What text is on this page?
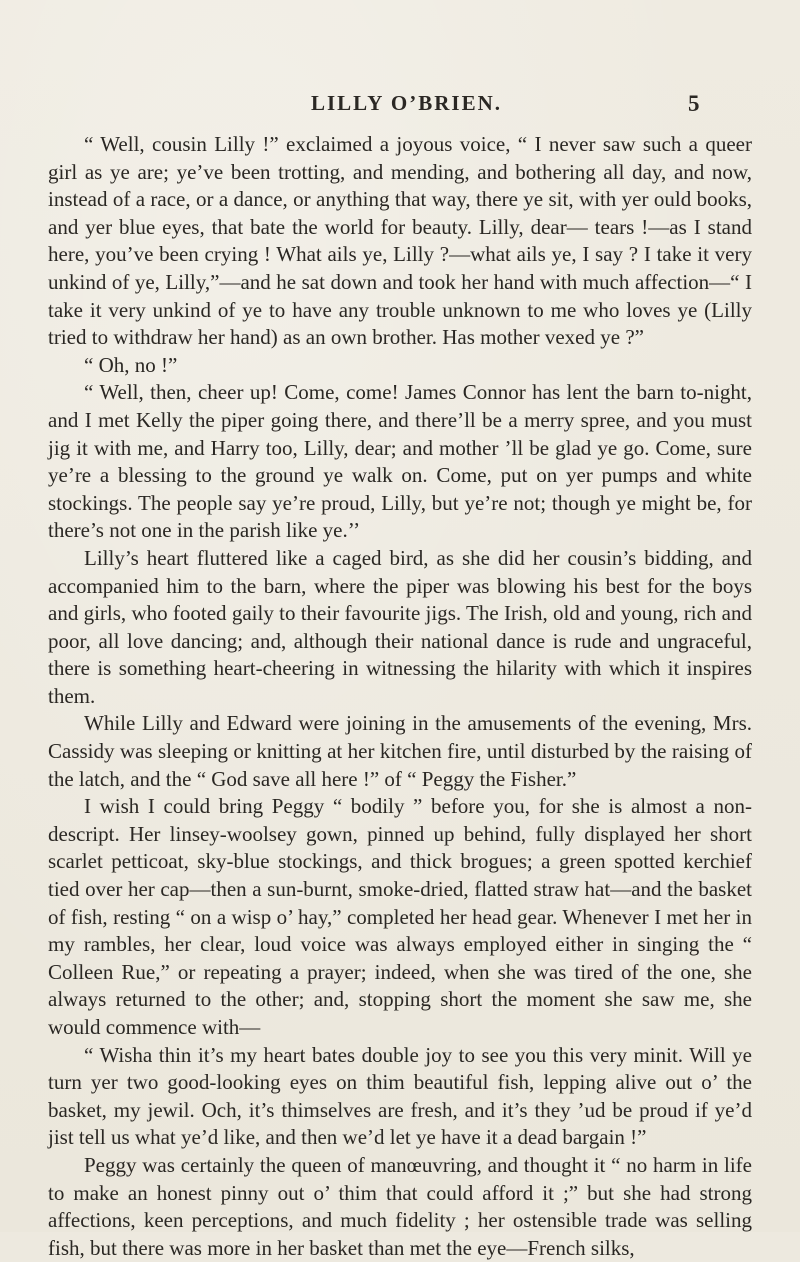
LILLY O’BRIEN.	5

“ Well, cousin Lilly !” exclaimed a joyous voice, “ I never saw such a queer girl as ye are; ye’ve been trotting, and mending, and bothering all day, and now, instead of a race, or a dance, or anything that way, there ye sit, with yer ould books, and yer blue eyes, that bate the world for beauty. Lilly, dear— tears !—as I stand here, you’ve been crying ! What ails ye, Lilly ?—what ails ye, I say ? I take it very unkind of ye, Lilly,”—and he sat down and took her hand with much affection—“ I take it very unkind of ye to have any trouble unknown to me who loves ye (Lilly tried to withdraw her hand) as an own brother. Has mother vexed ye ?”

“ Oh, no !”

“ Well, then, cheer up! Come, come! James Connor has lent the barn to-night, and I met Kelly the piper going there, and there’ll be a merry spree, and you must jig it with me, and Harry too, Lilly, dear; and mother ’ll be glad ye go. Come, sure ye’re a blessing to the ground ye walk on. Come, put on yer pumps and white stockings. The people say ye’re proud, Lilly, but ye’re not; though ye might be, for there’s not one in the parish like ye.’’

Lilly’s heart fluttered like a caged bird, as she did her cousin’s bidding, and accompanied him to the barn, where the piper was blowing his best for the boys and girls, who footed gaily to their favourite jigs. The Irish, old and young, rich and poor, all love dancing; and, although their national dance is rude and ungraceful, there is something heart-cheering in witnessing the hilarity with which it inspires them.

While Lilly and Edward were joining in the amusements of the evening, Mrs. Cassidy was sleeping or knitting at her kitchen fire, until disturbed by the raising of the latch, and the “ God save all here !” of “ Peggy the Fisher.”

I wish I could bring Peggy “ bodily ” before you, for she is almost a non-descript. Her linsey-woolsey gown, pinned up behind, fully displayed her short scarlet petticoat, sky-blue stockings, and thick brogues; a green spotted kerchief tied over her cap—then a sun-burnt, smoke-dried, flatted straw hat—and the basket of fish, resting “ on a wisp o’ hay,” completed her head gear. Whenever I met her in my rambles, her clear, loud voice was always employed either in singing the “ Colleen Rue,” or repeating a prayer; indeed, when she was tired of the one, she always returned to the other; and, stopping short the moment she saw me, she would commence with—

“ Wisha thin it’s my heart bates double joy to see you this very minit. Will ye turn yer two good-looking eyes on thim beautiful fish, lepping alive out o’ the basket, my jewil. Och, it’s thimselves are fresh, and it’s they ’ud be proud if ye’d jist tell us what ye’d like, and then we’d let ye have it a dead bargain !”

Peggy was certainly the queen of manœuvring, and thought it “ no harm in life to make an honest pinny out o’ thim that could afford it ;” but she had strong affections, keen perceptions, and much fidelity ; her ostensible trade was selling fish, but there was more in her basket than met the eye—French silks,
